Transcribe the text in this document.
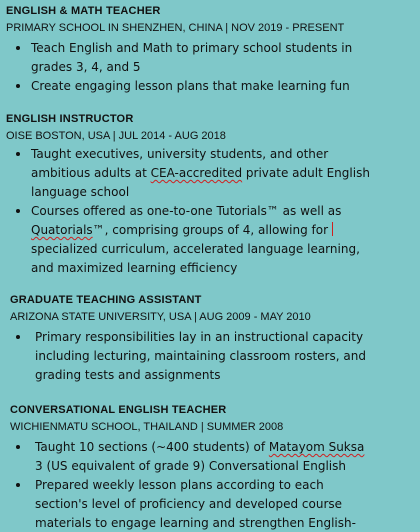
ENGLISH & MATH TEACHER
PRIMARY SCHOOL IN SHENZHEN, CHINA | NOV 2019 - PRESENT
Teach English and Math to primary school students in
grades 3, 4, and 5
Create engaging lesson plans that make learning fun
ENGLISH INSTRUCTOR
OISE BOSTON, USA | JUL 2014 - AUG 2018
Taught executives, university students, and other
ambitious adults at CEA-accredited private adult English
language school
Courses offered as one-to-one Tutorials™ as well as
Quatorials™, comprising groups of 4, allowing for
specialized curriculum, accelerated language learning,
and maximized learning efficiency
GRADUATE TEACHING ASSISTANT
ARIZONA STATE UNIVERSITY, USA | AUG 2009 - MAY 2010
Primary responsibilities lay in an instructional capacity
including lecturing, maintaining classroom rosters, and
grading tests and assignments
CONVERSATIONAL ENGLISH TEACHER
WICHIENMATU SCHOOL, THAILAND | SUMMER 2008
Taught 10 sections (~400 students) of Matayom Suksa
3 (US equivalent of grade 9) Conversational English
Prepared weekly lesson plans according to each
section's level of proficiency and developed course
materials to engage learning and strengthen English-
